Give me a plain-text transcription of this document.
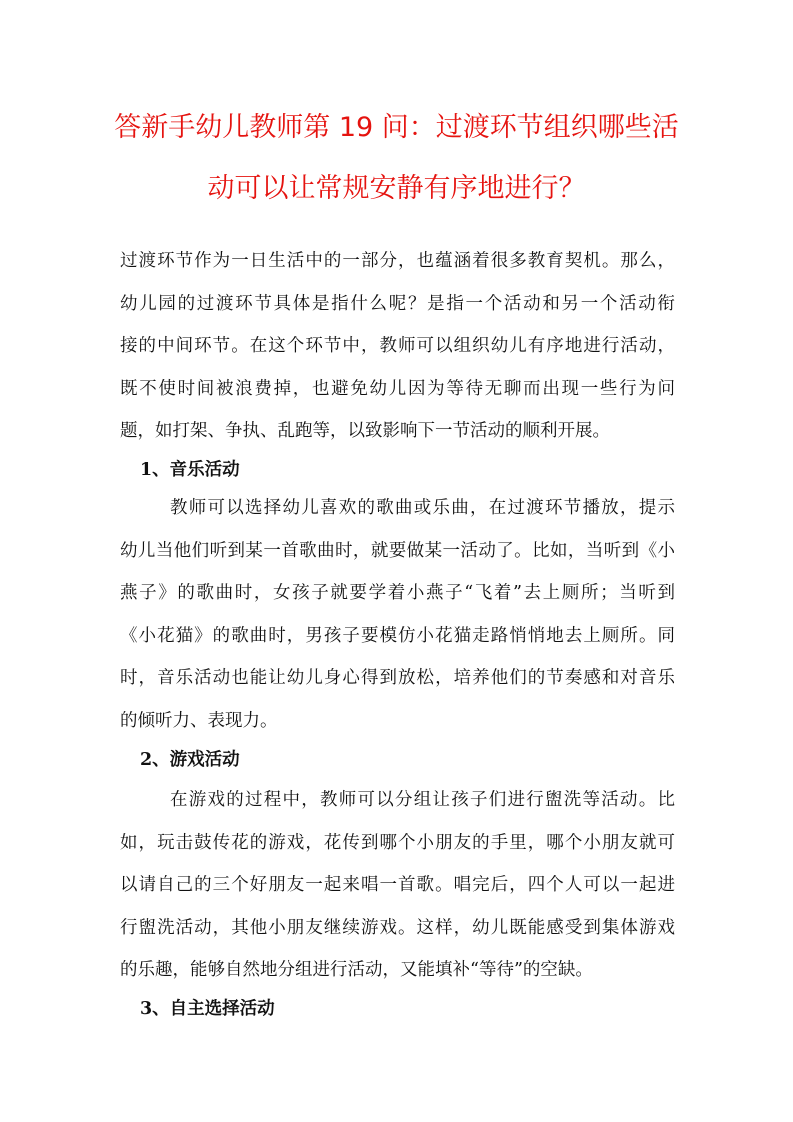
答新手幼儿教师第 19 问：过渡环节组织哪些活
动可以让常规安静有序地进行？
过渡环节作为一日生活中的一部分，也蕴涵着很多教育契机。那么，
幼儿园的过渡环节具体是指什么呢？是指一个活动和另一个活动衔
接的中间环节。在这个环节中，教师可以组织幼儿有序地进行活动，
既不使时间被浪费掉，也避免幼儿因为等待无聊而出现一些行为问
题，如打架、争执、乱跑等，以致影响下一节活动的顺利开展。
1、音乐活动
教师可以选择幼儿喜欢的歌曲或乐曲，在过渡环节播放，提示
幼儿当他们听到某一首歌曲时，就要做某一活动了。比如，当听到《小
燕子》的歌曲时，女孩子就要学着小燕子“飞着”去上厕所；当听到
《小花猫》的歌曲时，男孩子要模仿小花猫走路悄悄地去上厕所。同
时，音乐活动也能让幼儿身心得到放松，培养他们的节奏感和对音乐
的倾听力、表现力。
2、游戏活动
在游戏的过程中，教师可以分组让孩子们进行盥洗等活动。比
如，玩击鼓传花的游戏，花传到哪个小朋友的手里，哪个小朋友就可
以请自己的三个好朋友一起来唱一首歌。唱完后，四个人可以一起进
行盥洗活动，其他小朋友继续游戏。这样，幼儿既能感受到集体游戏
的乐趣，能够自然地分组进行活动，又能填补“等待”的空缺。
3、自主选择活动
